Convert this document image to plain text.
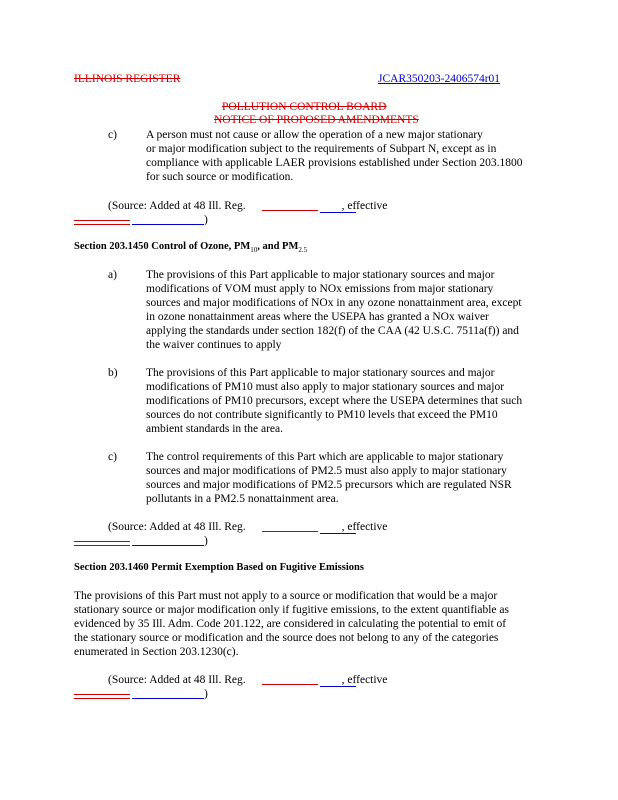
ILLINOIS REGISTER	JCAR350203-2406574r01
POLLUTION CONTROL BOARD
NOTICE OF PROPOSED AMENDMENTS
c)	A person must not cause or allow the operation of a new major stationary
or major modification subject to the requirements of Subpart N, except as in
compliance with applicable LAER provisions established under Section 203.1800
for such source or modification.
(Source: Added at 48 Ill. Reg.	, effective
)
Section 203.1450 Control of Ozone, $PM_{10}$, and $PM_{2.5}$
a)	The provisions of this Part applicable to major stationary sources and major
modifications of VOM must apply to NOx emissions from major stationary
sources and major modifications of NOx in any ozone nonattainment area, except
in ozone nonattainment areas where the USEPA has granted a NOx waiver
applying the standards under section 182(f) of the CAA (42 U.S.C. 7511a(f)) and
the waiver continues to apply
b) The provisions of this Part applicable to major stationary sources and major
modifications of PM10 must also apply to major stationary sources and major
modifications of PM10 precursors, except where the USEPA determines that such
sources do not contribute significantly to PM10 levels that exceed the PM10
ambient standards in the area.
c)	The control requirements of this Part which are applicable to major stationary
sources and major modifications of PM2.5 must also apply to major stationary
sources and major modifications of PM2.5 precursors which are regulated NSR
pollutants in a PM2.5 nonattainment area.
(Source: Added at 48 Ill. Reg.	, effective
)
Section 203.1460 Permit Exemption Based on Fugitive Emissions
The provisions of this Part must not apply to a source or modification that would be a major
stationary source or major modification only if fugitive emissions, to the extent quantifiable as
evidenced by 35 Ill. Adm. Code 201.122, are considered in calculating the potential to emit of
the stationary source or modification and the source does not belong to any of the categories
enumerated in Section 203.1230(c).
(Source: Added at 48 Ill. Reg.	, effective
)
